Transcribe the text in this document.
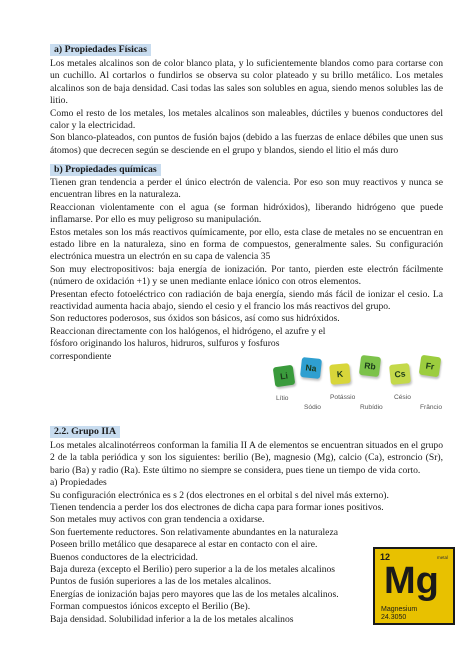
a) Propiedades Físicas

Los metales alcalinos son de color blanco plata, y lo suficientemente blandos como para cortarse con un cuchillo. Al cortarlos o fundirlos se observa su color plateado y su brillo metálico. Los metales alcalinos son de baja densidad. Casi todas las sales son solubles en agua, siendo menos solubles las de litio.

Como el resto de los metales, los metales alcalinos son maleables, dúctiles y buenos conductores del calor y la electricidad.

Son blanco-plateados, con puntos de fusión bajos (debido a las fuerzas de enlace débiles que unen sus átomos) que decrecen según se desciende en el grupo y blandos, siendo el litio el más duro

b) Propiedades químicas

Tienen gran tendencia a perder el único electrón de valencia. Por eso son muy reactivos y nunca se encuentran libres en la naturaleza.

Reaccionan violentamente con el agua (se forman hidróxidos), liberando hidrógeno que puede inflamarse. Por ello es muy peligroso su manipulación.

Estos metales son los más reactivos químicamente, por ello, esta clase de metales no se encuentran en estado libre en la naturaleza, sino en forma de compuestos, generalmente sales. Su configuración electrónica muestra un electrón en su capa de valencia 35

Son muy electropositivos: baja energía de ionización. Por tanto, pierden este electrón fácilmente (número de oxidación +1) y se unen mediante enlace iónico con otros elementos.

Presentan efecto fotoeléctrico con radiación de baja energía, siendo más fácil de ionizar el cesio. La reactividad aumenta hacia abajo, siendo el cesio y el francio los más reactivos del grupo.

Son reductores poderosos, sus óxidos son básicos, así como sus hidróxidos.

Reaccionan directamente con los halógenos, el hidrógeno, el azufre y el fósforo originando los haluros, hidruros, sulfuros y fosfuros correspondiente

Li
Na
K
Rb
Cs
Fr
Lítio
Sódio
Potássio
Rubídio
Césio
Frâncio
2.2. Grupo IIA

Los metales alcalinotérreos conforman la familia II A de elementos se encuentran situados en el grupo 2 de la tabla periódica y son los siguientes: berilio (Be), magnesio (Mg), calcio (Ca), estroncio (Sr), bario (Ba) y radio (Ra). Este último no siempre se considera, pues tiene un tiempo de vida corto.

a) Propiedades

Su configuración electrónica es s 2 (dos electrones en el orbital s del nivel más externo).

Tienen tendencia a perder los dos electrones de dicha capa para formar iones positivos.

Son metales muy activos con gran tendencia a oxidarse.

Son fuertemente reductores. Son relativamente abundantes en la naturaleza

Poseen brillo metálico que desaparece al estar en contacto con el aire.

Buenos conductores de la electricidad.

Baja dureza (excepto el Berilio) pero superior a la de los metales alcalinos

Puntos de fusión superiores a las de los metales alcalinos.

Energías de ionización bajas pero mayores que las de los metales alcalinos.

Forman compuestos iónicos excepto el Berilio (Be).

Baja densidad. Solubilidad inferior a la de los metales alcalinos

12	metal
Mg
Magnesium
24.3050
